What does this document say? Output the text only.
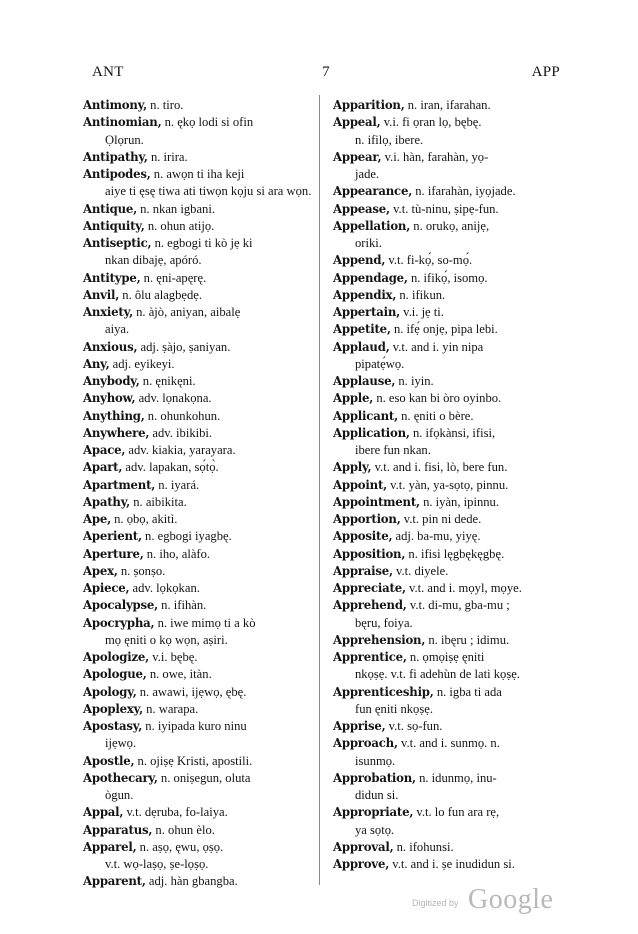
ANT	7	APP

Antimony, n. tiro.

Antinomian, n. ękọ lodi si ofin
Ọlọrun.

Antipathy, n. irira.

Antipodes, n. awọn ti iha keji
aiye ti ęsę tiwa ati tiwọn kọju si ara wọn.

Antique, n. nkan igbani.

Antiquity, n. ohun atijọ.

Antiseptic, n. egbogi ti kò jẹ ki
nkan dibajẹ, apóró.

Antitype, n. ęni-apęrę.

Anvil, n. ôlu alagbẹdẹ.

Anxiety, n. àjò, aniyan, aibalẹ
aiya.

Anxious, adj. ṣàjo, ṣaniyan.

Any, adj. eyikeyi.

Anybody, n. ęnikęni.

Anyhow, adv. lọnakọna.

Anything, n. ohunkohun.

Anywhere, adv. ibikibi.

Apace, adv. kiakia, yarayara.

Apart, adv. lapakan, sọ́tọ̀.

Apartment, n. iyará.

Apathy, n. aibikita.

Ape, n. ọbọ, akitì.

Aperient, n. egbogi iyagbę.

Aperture, n. iho, alàfo.

Apex, n. ṣonṣo.

Apiece, adv. lọkọkan.

Apocalypse, n. ifihàn.

Apocrypha, n. iwe mimọ ti a kò
mọ ęniti o kọ wọn, aṣiri.

Apologize, v.i. bębę.

Apologue, n. owe, itàn.

Apology, n. awawi, ijẹwọ, ębę.

Apoplexy, n. warapa.

Apostasy, n. iyipada kuro ninu
ijẹwọ.

Apostle, n. ojiṣẹ Kristi, apostili.

Apothecary, n. oniṣegun, oluta
ògun.

Appal, v.t. dẹruba, fo-laiya.

Apparatus, n. ohun èlo.

Apparel, n. aṣọ, ęwu, ọṣọ.
v.t. wọ-laṣọ, ṣe-lọṣọ.

Apparent, adj. hàn gbangba.

Apparition, n. iran, ifarahan.

Appeal, v.i. fi ọran lọ, bębę.
n. ifilọ, ibere.

Appear, v.i. hàn, farahàn, yọ-
jade.

Appearance, n. ifarahàn, iyọjade.

Appease, v.t. tù-ninu, ṣipẹ-fun.

Appellation, n. orukọ, anijẹ,
oriki.

Append, v.t. fi-kọ́, so-mọ́.

Appendage, n. ifikọ́, isomọ.

Appendix, n. ifikun.

Appertain, v.i. jẹ ti.

Appetite, n. ifẹ́ onjẹ, pipa lebi.

Applaud, v.t. and i. yin nipa
pipatẹ́wọ.

Applause, n. iyin.

Apple, n. eso kan bi òro oyinbo.

Applicant, n. ęniti o bère.

Application, n. ifọkànsi, ifisi,
ibere fun nkan.

Apply, v.t. and i. fisi, lò, bere fun.

Appoint, v.t. yàn, ya-sọtọ, pinnu.

Appointment, n. iyàn, ipinnu.

Apportion, v.t. pin ni dede.

Apposite, adj. ba-mu, yiyę.

Apposition, n. ifisi lęgbękęgbę.

Appraise, v.t. diyele.

Appreciate, v.t. and i. mọyl, mọye.

Apprehend, v.t. di-mu, gba-mu ;
bęru, foiya.

Apprehension, n. ibęru ; idimu.

Apprentice, n. ọmọiṣẹ ęniti
nkọṣẹ. v.t. fi adehùn de lati kọṣẹ.

Apprenticeship, n. igba ti ada
fun ęniti nkọṣẹ.

Apprise, v.t. sọ-fun.

Approach, v.t. and i. sunmọ. n.
isunmọ.

Approbation, n. idunmọ, inu-
didun si.

Appropriate, v.t. lo fun ara rẹ,
ya sọtọ.

Approval, n. ifohunsi.

Approve, v.t. and i. ṣe inudidun si.

Digitized by Google
